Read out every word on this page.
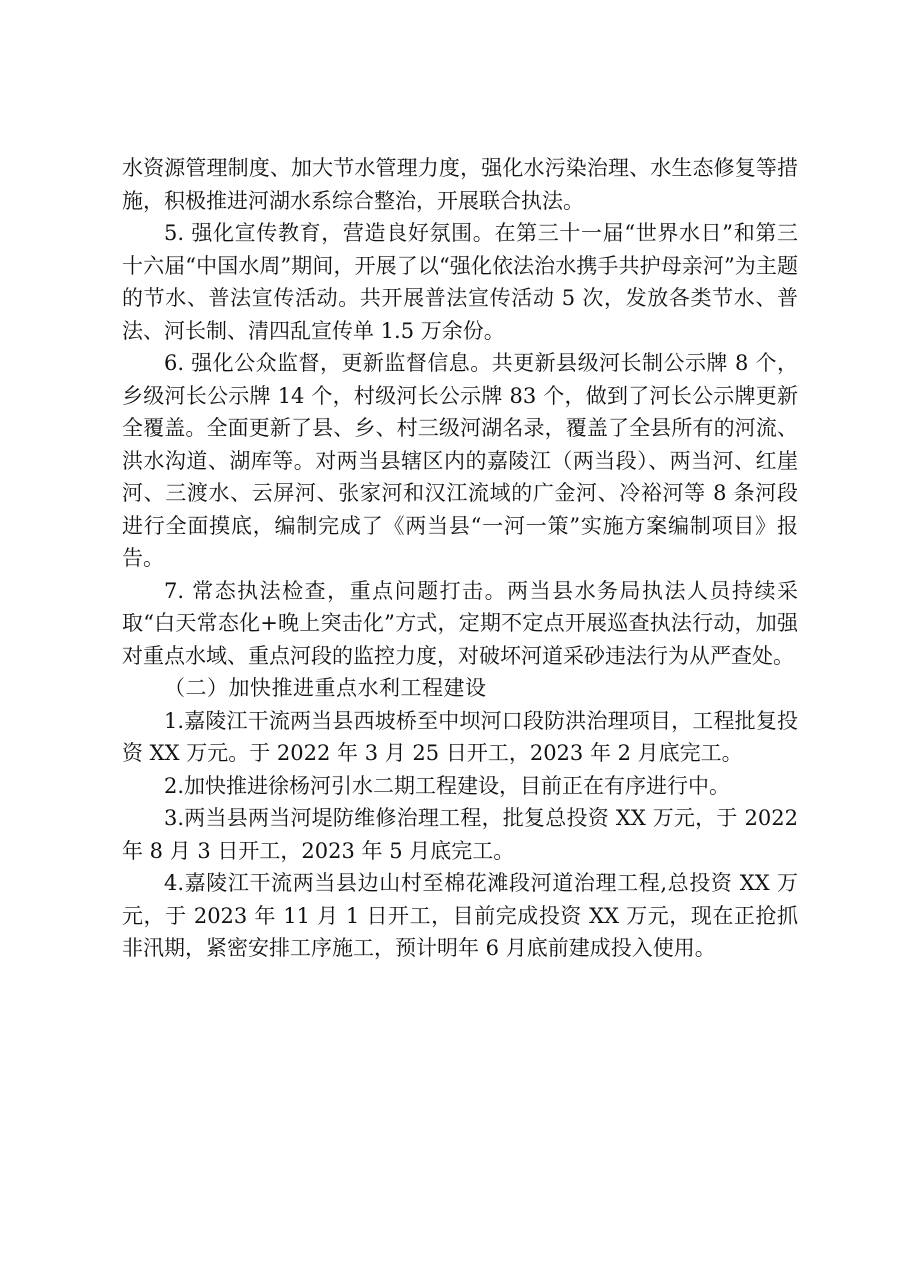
水资源管理制度、加大节水管理力度，强化水污染治理、水生态修复等措施，积极推进河湖水系综合整治，开展联合执法。

5. 强化宣传教育，营造良好氛围。在第三十一届“世界水日”和第三十六届“中国水周”期间，开展了以“强化依法治水携手共护母亲河”为主题的节水、普法宣传活动。共开展普法宣传活动 5 次，发放各类节水、普法、河长制、清四乱宣传单 1.5 万余份。

6. 强化公众监督，更新监督信息。共更新县级河长制公示牌 8 个，乡级河长公示牌 14 个，村级河长公示牌 83 个，做到了河长公示牌更新全覆盖。全面更新了县、乡、村三级河湖名录，覆盖了全县所有的河流、洪水沟道、湖库等。对两当县辖区内的嘉陵江（两当段）、两当河、红崖河、三渡水、云屏河、张家河和汉江流域的广金河、冷裕河等 8 条河段进行全面摸底，编制完成了《两当县“一河一策”实施方案编制项目》报告。

7. 常态执法检查，重点问题打击。两当县水务局执法人员持续采取“白天常态化+晚上突击化”方式，定期不定点开展巡查执法行动，加强对重点水域、重点河段的监控力度，对破坏河道采砂违法行为从严查处。

（二）加快推进重点水利工程建设

1.嘉陵江干流两当县西坡桥至中坝河口段防洪治理项目，工程批复投资 XX 万元。于 2022 年 3 月 25 日开工，2023 年 2 月底完工。

2.加快推进徐杨河引水二期工程建设，目前正在有序进行中。

3.两当县两当河堤防维修治理工程，批复总投资 XX 万元，于 2022 年 8 月 3 日开工，2023 年 5 月底完工。

4.嘉陵江干流两当县边山村至棉花滩段河道治理工程,总投资 XX 万元，于 2023 年 11 月 1 日开工，目前完成投资 XX 万元，现在正抢抓非汛期，紧密安排工序施工，预计明年 6 月底前建成投入使用。
